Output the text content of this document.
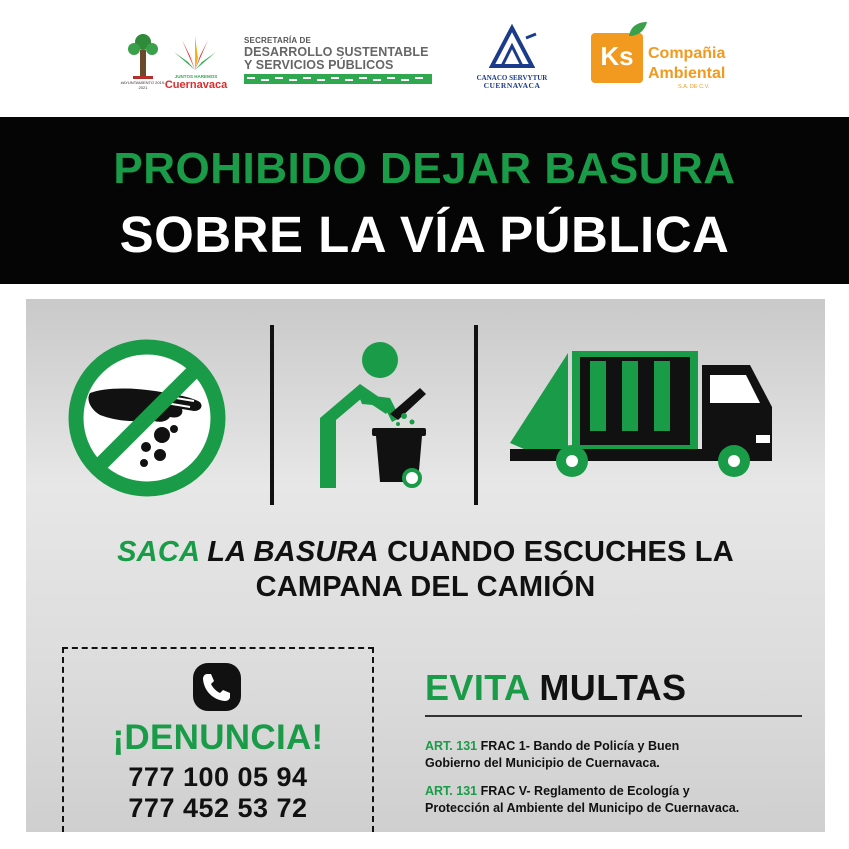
#AYUNTAMIENTO 2019-2021
JUNTOS HAREMOS
Cuernavaca
SECRETARÍA DE
DESARROLLO SUSTENTABLE
Y SERVICIOS PÚBLICOS
CANACO SERVYTUR
CUERNAVACA
Ks Compañia
Ambiental
S.A. DE C.V.
PROHIBIDO DEJAR BASURA
SOBRE LA VÍA PÚBLICA
SACA LA BASURA CUANDO ESCUCHES LA
CAMPANA DEL CAMIÓN
¡DENUNCIA!
777 100 05 94
777 452 53 72
EVITA MULTAS
ART. 131 FRAC 1- Bando de Policía y Buen
Gobierno del Municipio de Cuernavaca.
ART. 131 FRAC V- Reglamento de Ecología y
Protección al Ambiente del Municipo de Cuernavaca.
